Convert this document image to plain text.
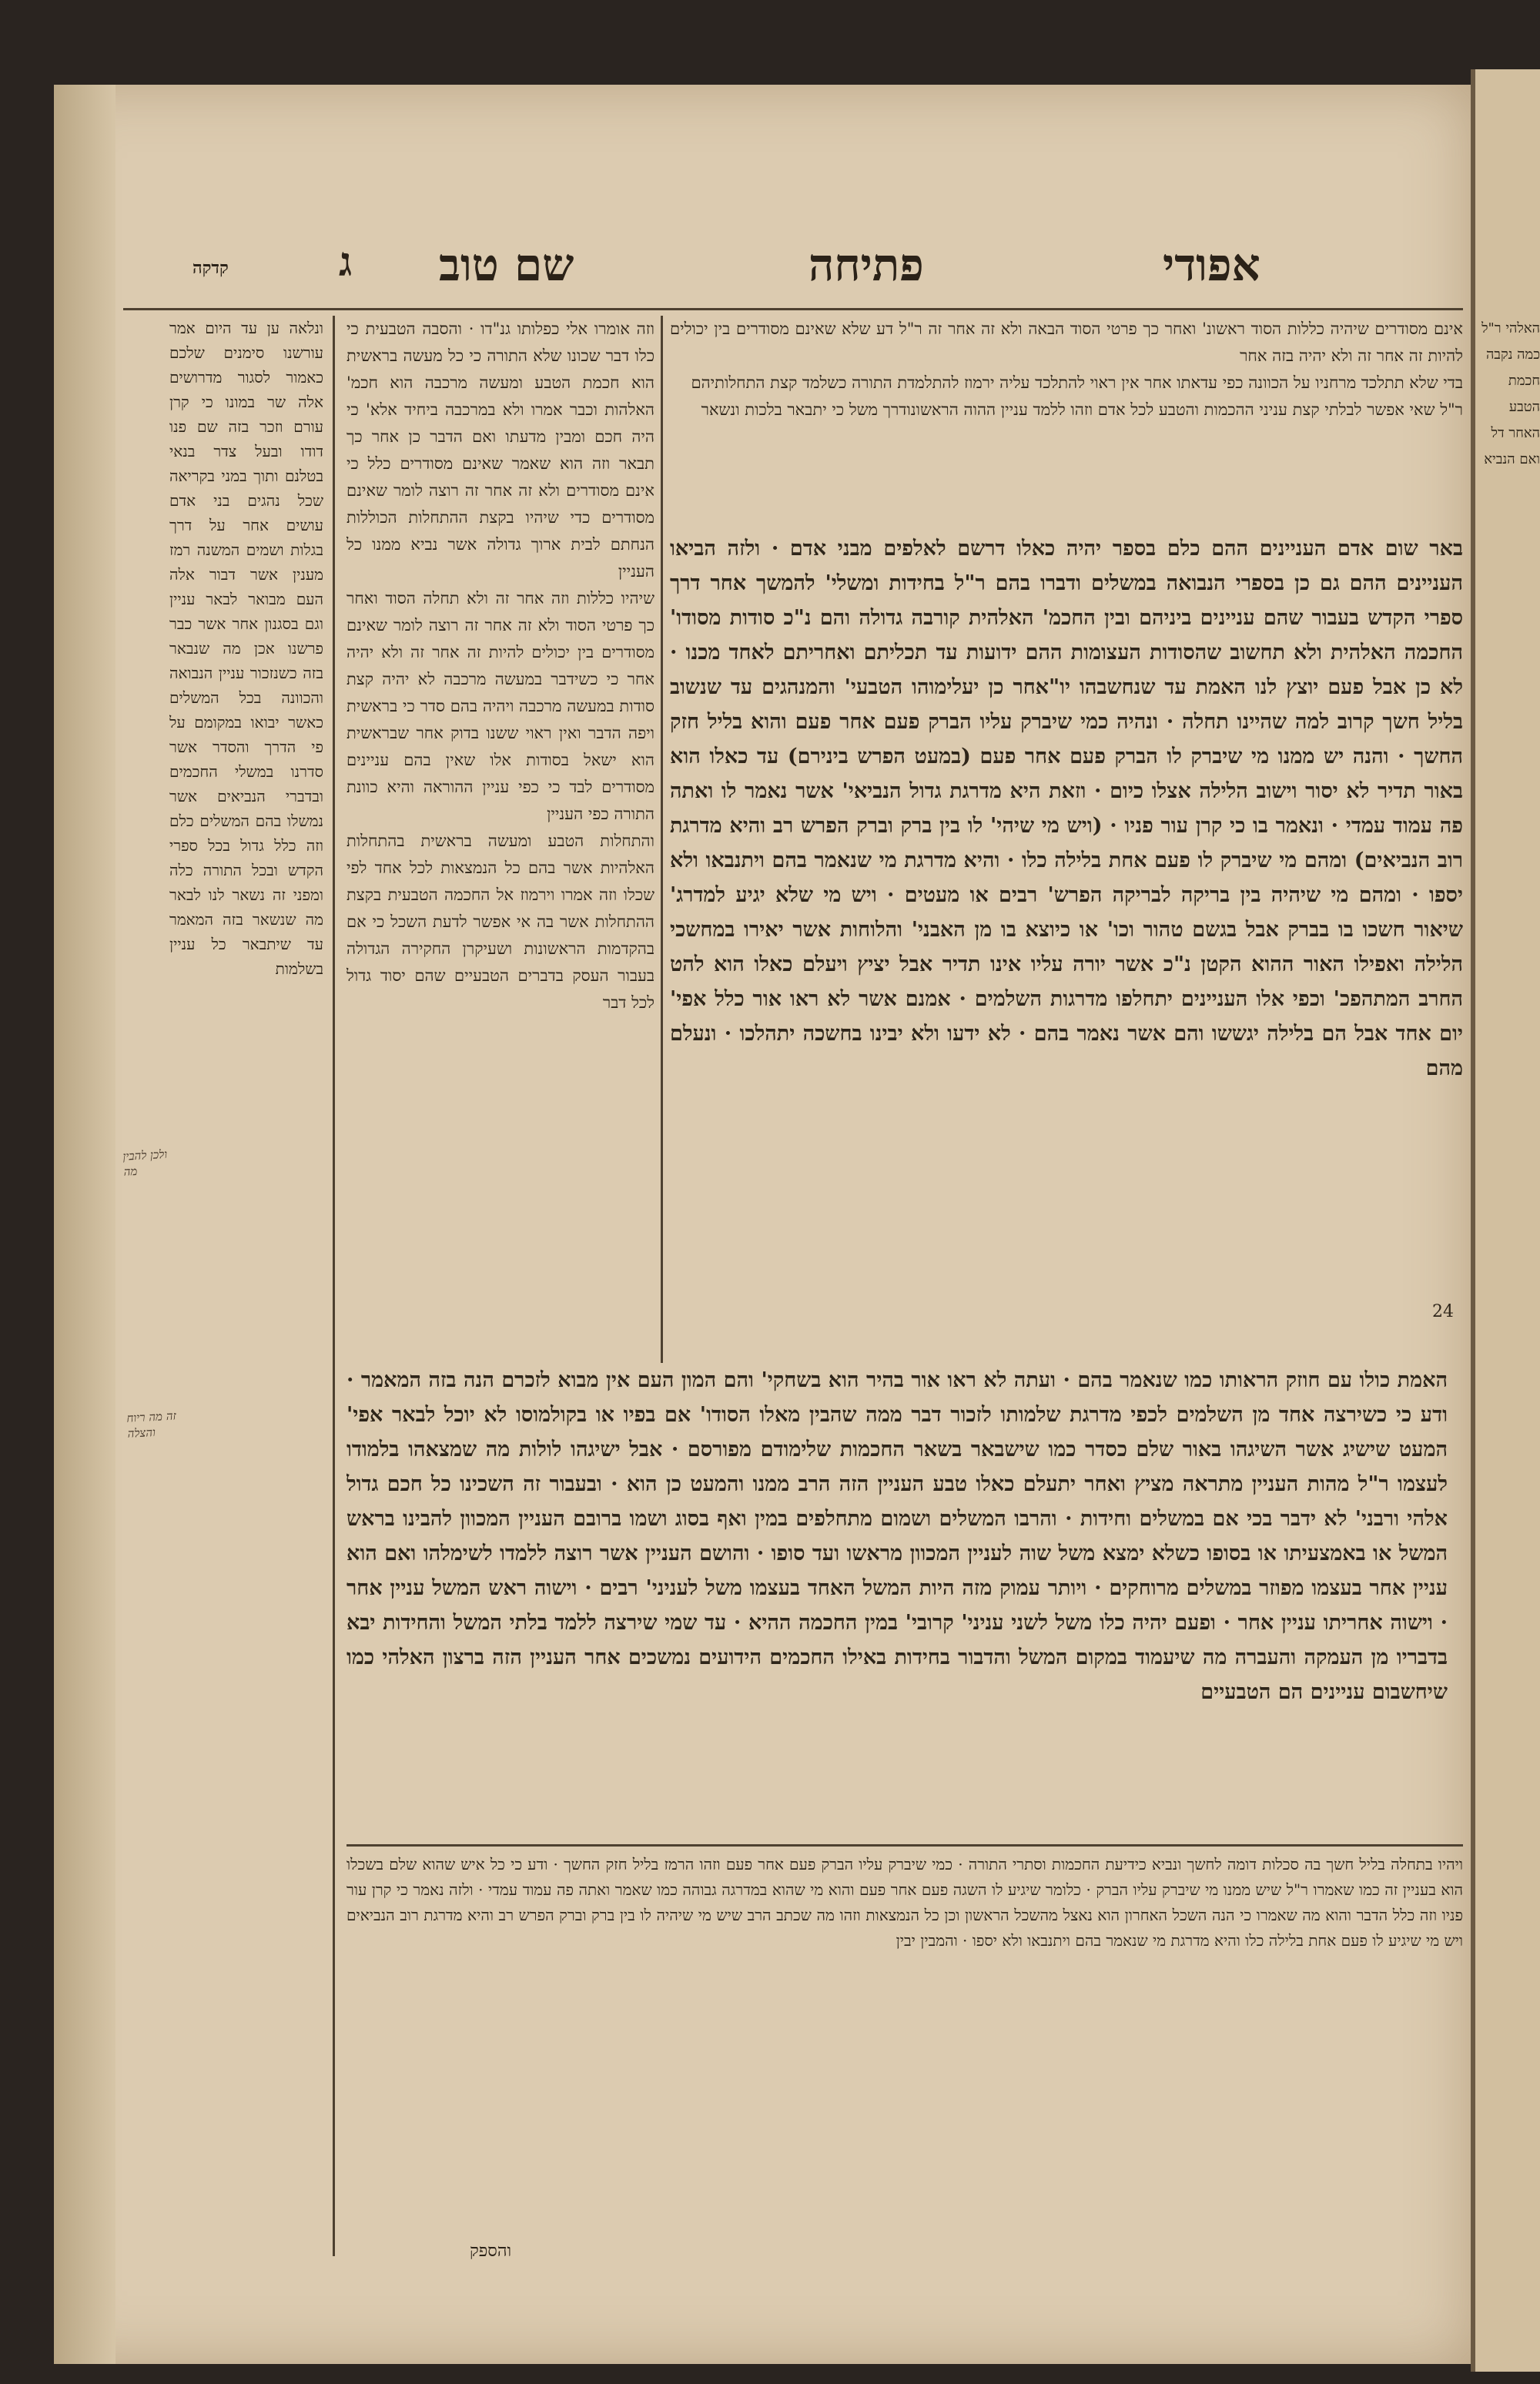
אפודי
פתיחה
שם טוב
ג
קדקה

אינם מסודרים שיהיה כללות הסוד ראשונ' ואחר כך פרטי הסוד הבאה ולא זה אחר זה ר"ל דע שלא שאינם מסודרים בין יכולים להיות זה אחר זה ולא יהיה בזה אחר

בדי שלא תתלכד מרחניו על הכוונה כפי עדאתו אחר אין ראוי להתלכד עליה ירמוז להתלמדת התורה כשלמד קצת התחלותיהם

ר"ל שאי אפשר לבלתי קצת עניני ההכמות והטבע לכל אדם וזהו ללמד עניין ההוה הראשונודרך משל כי יתבאר בלכות ונשאר

באר שום אדם העניינים ההם כלם בספר יהיה כאלו דרשם לאלפים מבני אדם · ולזה הביאו העניינים ההם גם כן בספרי הנבואה במשלים ודברו בהם ר"ל בחידות ומשלי' להמשך אחר דרך ספרי הקדש בעבור שהם עניינים ביניהם ובין החכמ' האלהית קורבה גדולה והם נ"כ סודות מסודו' החכמה האלהית ולא תחשוב שהסודות העצומות ההם ידועות עד תכליתם ואחריתם לאחד מכנו · לא כן אבל פעם יוצץ לנו האמת עד שנחשבהו יו"אחר כן יעלימוהו הטבעי' והמנהגים עד שנשוב בליל חשך קרוב למה שהיינו תחלה · ונהיה כמי שיברק עליו הברק פעם אחר פעם והוא בליל חזק החשך · והנה יש ממנו מי שיברק לו הברק פעם אחר פעם (במעט הפרש בינירם) עד כאלו הוא באור תדיר לא יסור וישוב הלילה אצלו כיום · וזאת היא מדרגת גדול הנביאי' אשר נאמר לו ואתה פה עמוד עמדי · ונאמר בו כי קרן עור פניו · (ויש מי שיהי' לו בין ברק וברק הפרש רב והיא מדרגת רוב הנביאים) ומהם מי שיברק לו פעם אחת בלילה כלו · והיא מדרגת מי שנאמר בהם ויתנבאו ולא יספו · ומהם מי שיהיה בין בריקה לבריקה הפרש' רבים או מעטים · ויש מי שלא יגיע למדרג' שיאור חשכו בו בברק אבל בגשם טהור וכו' או כיוצא בו מן האבני' והלוחות אשר יאירו במחשכי הלילה ואפילו האור ההוא הקטן נ"כ אשר יורה עליו אינו תדיר אבל יציץ ויעלם כאלו הוא להט החרב המתהפכ' וכפי אלו העניינים יתחלפו מדרגות השלמים · אמנם אשר לא ראו אור כלל אפי' יום אחד אבל הם בלילה יגששו והם אשר נאמר בהם · לא ידעו ולא יבינו בחשכה יתהלכו · ונעלם מהם

24

האמת כולו עם חוזק הראותו כמו שנאמר בהם · ועתה לא ראו אור בהיר הוא בשחקי' והם המון העם אין מבוא לזכרם הנה בזה המאמר · ודע כי כשירצה אחד מן השלמים לכפי מדרגת שלמותו לזכור דבר ממה שהבין מאלו הסודו' אם בפיו או בקולמוסו לא יוכל לבאר אפי' המעט שישיג אשר השיגהו באור שלם כסדר כמו שישבאר בשאר החכמות שלימודם מפורסם · אבל ישיגהו לולות מה שמצאהו בלמודו לעצמו ר"ל מהות העניין מתראה מציץ ואחר יתעלם כאלו טבע העניין הזה הרב ממנו והמעט כן הוא · ובעבור זה השכינו כל חכם גדול אלהי ורבני' לא ידבר בכי אם במשלים וחידות · והרבו המשלים ושמום מתחלפים במין ואף בסוג ושמו ברובם העניין המכוון להבינו בראש המשל או באמצעיתו או בסופו כשלא ימצא משל שוה לעניין המכוון מראשו ועד סופו · והושם העניין אשר רוצה ללמדו לשימלהו ואם הוא עניין אחר בעצמו מפוזר במשלים מרוחקים · ויותר עמוק מזה היות המשל האחד בעצמו משל לעניני' רבים · וישוה ראש המשל עניין אחר · וישוה אחריתו עניין אחר · ופעם יהיה כלו משל לשני עניני' קרובי' במין החכמה ההיא · עד שמי שירצה ללמד בלתי המשל והחידות יבא בדבריו מן העמקה והעברה מה שיעמוד במקום המשל והדבור בחידות באילו החכמים הידועים נמשכים אחר העניין הזה ברצון האלהי כמו שיחשבום עניינים הם הטבעיים

וזה אומרו אלי כפלותו גנ"דו · והסבה הטבעית כי כלו דבר שכונו שלא התורה כי כל מעשה בראשית הוא חכמת הטבע ומעשה מרכבה הוא חכמ' האלהות וכבר אמרו ולא במרכבה ביחיד אלא' כי היה חכם ומבין מדעתו ואם הדבר כן אחר כך תבאר וזה הוא שאמר שאינם מסודרים כלל כי אינם מסודרים ולא זה אחר זה רוצה לומר שאינם מסודרים כדי שיהיו בקצת ההתחלות הכוללות הנחתם לבית ארוך גדולה אשר נביא ממנו כל העניין

שיהיו כללות וזה אחר זה ולא תחלה הסוד ואחר כך פרטי הסוד ולא זה אחר זה רוצה לומר שאינם מסודרים בין יכולים להיות זה אחר זה ולא יהיה אחר כי כשידבר במעשה מרכבה לא יהיה קצת סודות במעשה מרכבה ויהיה בהם סדר כי בראשית ויפה הדבר ואין ראוי ששנו בדוק אחר שבראשית הוא ישאל בסודות אלו שאין בהם עניינים מסודרים לבד כי כפי עניין ההוראה והיא כוונת התורה כפי העניין

והתחלות הטבע ומעשה בראשית בהתחלות האלהיות אשר בהם כל הנמצאות לכל אחד לפי שכלו וזה אמרו וירמוז אל החכמה הטבעית בקצת ההתחלות אשר בה אי אפשר לדעת השכל כי אם בהקדמות הראשונות ושעיקרן החקירה הגדולה בעבור העסק בדברים הטבעיים שהם יסוד גדול לכל דבר

ונלאה ען עד היום אמר עורשנו סימנים שלכם כאמור לסגור מדרושים אלה שר במונו כי קרן עורם וזכר בזה שם פנו דודו ובעל צדר בנאי בטלנם ותוך במני בקריאה שכל נהגים בני אדם עושים אחר על דרך בגלות ושמים המשנה רמז מענין אשר דבור אלה העם מבואר לבאר עניין וגם בסגנון אחר אשר כבר פרשנו אכן מה שנבאר בזה כשנזכור עניין הנבואה והכוונה בכל המשלים כאשר יבואו במקומם על פי הדרך והסדר אשר סדרנו במשלי החכמים ובדברי הנביאים אשר נמשלו בהם המשלים כלם וזה כלל גדול בכל ספרי הקדש ובכל התורה כלה ומפני זה נשאר לנו לבאר מה שנשאר בזה המאמר עד שיתבאר כל עניין בשלמות

ולכן להבין מה
זה מה ריוח והצלה

ויהיו בתחלה בליל חשך בה סכלות דומה לחשך ונביא כידיעת החכמות וסתרי התורה · כמי שיברק עליו הברק פעם אחר פעם וזהו הרמז בליל חזק החשך · ודע כי כל איש שהוא שלם בשכלו הוא בעניין זה כמו שאמרו ר"ל שיש ממנו מי שיברק עליו הברק · כלומר שיגיע לו השגה פעם אחר פעם והוא מי שהוא במדרגה גבוהה כמו שאמר ואתה פה עמוד עמדי · ולזה נאמר כי קרן עור פניו וזה כלל הדבר והוא מה שאמרו כי הנה השכל האחרון הוא נאצל מהשכל הראשון וכן כל הנמצאות וזהו מה שכתב הרב שיש מי שיהיה לו בין ברק וברק הפרש רב והיא מדרגת רוב הנביאים ויש מי שיגיע לו פעם אחת בלילה כלו והיא מדרגת מי שנאמר בהם ויתנבאו ולא יספו · והמבין יבין

והספק
האלהי ר"ל כמה נקבה חכמת הטבע האחר דל ואם הנביא
